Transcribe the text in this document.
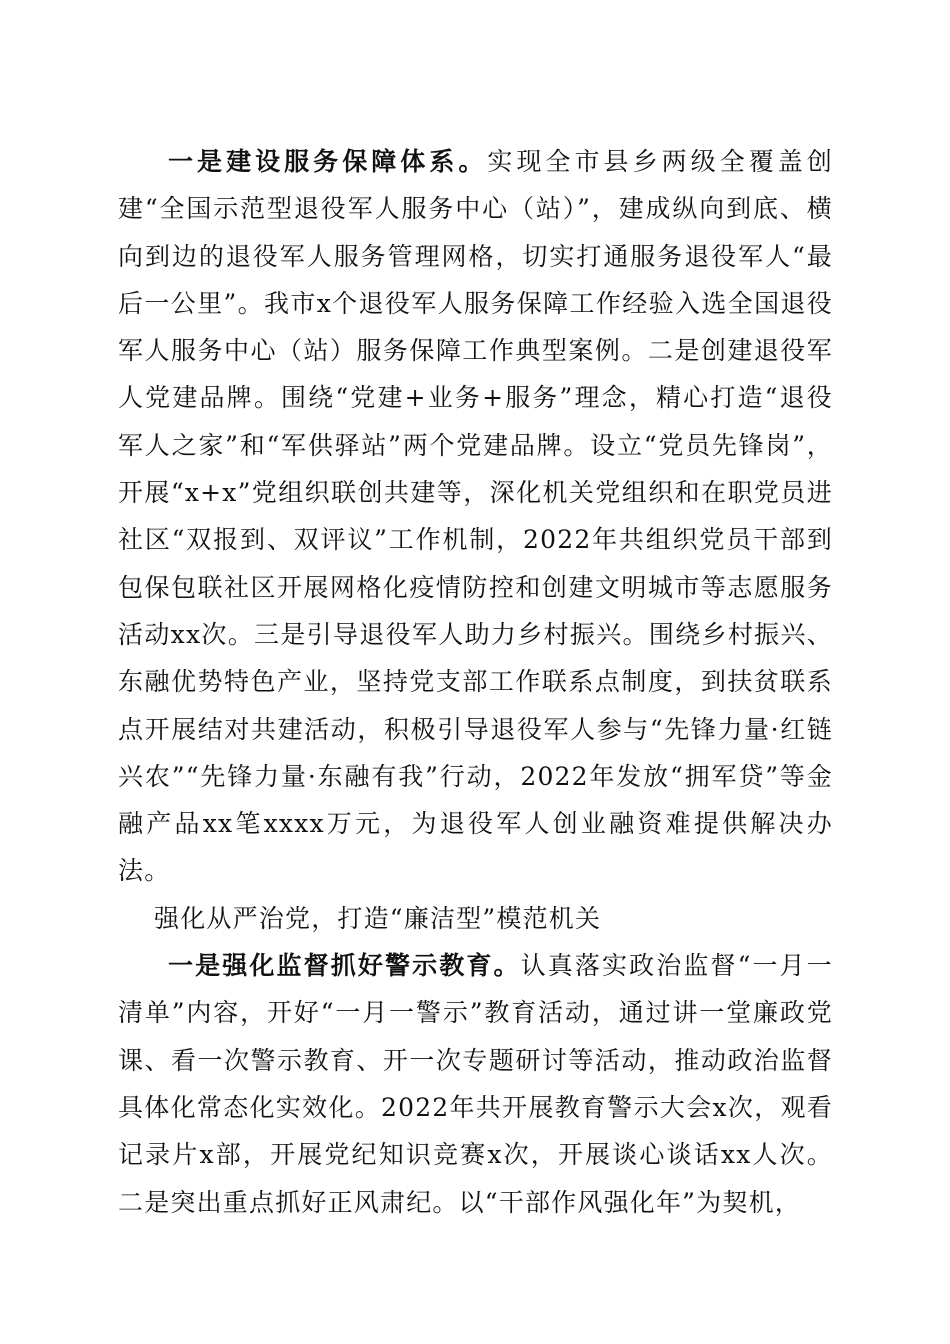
一是建设服务保障体系。实现全市县乡两级全覆盖创建“全国示范型退役军人服务中心（站）”，建成纵向到底、横向到边的退役军人服务管理网格，切实打通服务退役军人“最后一公里”。我市x个退役军人服务保障工作经验入选全国退役军人服务中心（站）服务保障工作典型案例。二是创建退役军人党建品牌。围绕“党建+业务+服务”理念，精心打造“退役军人之家”和“军供驿站”两个党建品牌。设立“党员先锋岗”，开展“x+x”党组织联创共建等，深化机关党组织和在职党员进社区“双报到、双评议”工作机制，2022年共组织党员干部到包保包联社区开展网格化疫情防控和创建文明城市等志愿服务活动xx次。三是引导退役军人助力乡村振兴。围绕乡村振兴、东融优势特色产业，坚持党支部工作联系点制度，到扶贫联系点开展结对共建活动，积极引导退役军人参与“先锋力量·红链兴农”“先锋力量·东融有我”行动，2022年发放“拥军贷”等金融产品xx笔xxxx万元，为退役军人创业融资难提供解决办法。

强化从严治党，打造“廉洁型”模范机关

一是强化监督抓好警示教育。认真落实政治监督“一月一清单”内容，开好“一月一警示”教育活动，通过讲一堂廉政党课、看一次警示教育、开一次专题研讨等活动，推动政治监督具体化常态化实效化。2022年共开展教育警示大会x次，观看记录片x部，开展党纪知识竞赛x次，开展谈心谈话xx人次。二是突出重点抓好正风肃纪。以“干部作风强化年”为契机，
